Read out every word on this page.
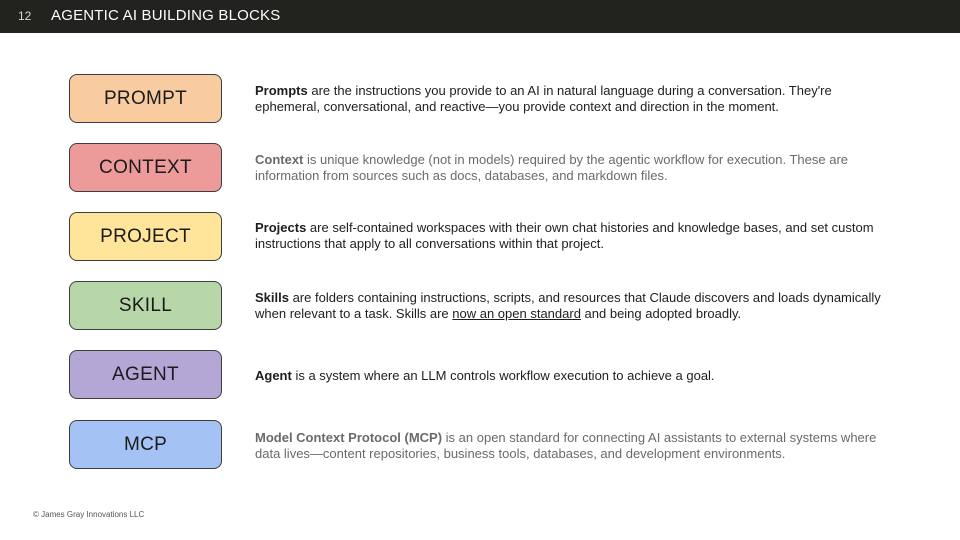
12 AGENTIC AI BUILDING BLOCKS
PROMPT	Prompts are the instructions you provide to an AI in natural language during a conversation. They're ephemeral, conversational, and reactive—you provide context and direction in the moment.
CONTEXT	Context is unique knowledge (not in models) required by the agentic workflow for execution. These are information from sources such as docs, databases, and markdown files.
PROJECT	Projects are self-contained workspaces with their own chat histories and knowledge bases, and set custom instructions that apply to all conversations within that project.
SKILL	Skills are folders containing instructions, scripts, and resources that Claude discovers and loads dynamically when relevant to a task. Skills are now an open standard and being adopted broadly.
AGENT	Agent is a system where an LLM controls workflow execution to achieve a goal.
MCP	Model Context Protocol (MCP) is an open standard for connecting AI assistants to external systems where data lives—content repositories, business tools, databases, and development environments.
© James Gray Innovations LLC
